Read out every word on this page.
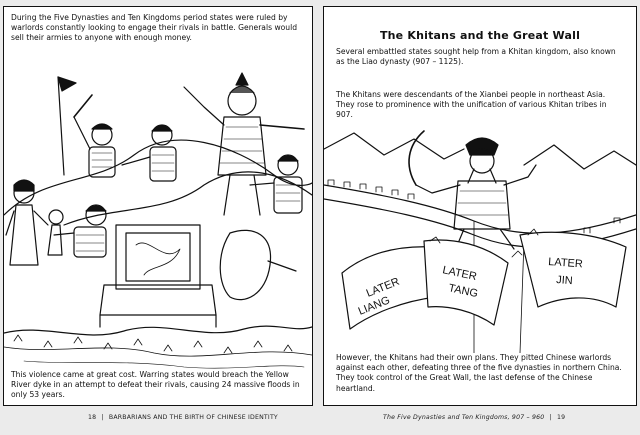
During the Five Dynasties and Ten Kingdoms period states were ruled by warlords constantly looking to engage their rivals in battle. Generals would sell their armies to anyone with enough money.
This violence came at great cost. Warring states would breach the Yellow River dyke in an attempt to defeat their rivals, causing 24 massive floods in only 53 years.
The Khitans and the Great Wall
Several embattled states sought help from a Khitan kingdom, also known as the Liao dynasty (907 – 1125).
The Khitans were descendants of the Xianbei people in northeast Asia. They rose to prominence with the unification of various Khitan tribes in 907.
LATER
LIANG
LATER
TANG
LATER
JIN
However, the Khitans had their own plans. They pitted Chinese warlords against each other, defeating three of the five dynasties in northern China. They took control of the Great Wall, the last defense of the Chinese heartland.
18 | BARBARIANS AND THE BIRTH OF CHINESE IDENTITY	The Five Dynasties and Ten Kingdoms, 907 – 960 | 19
